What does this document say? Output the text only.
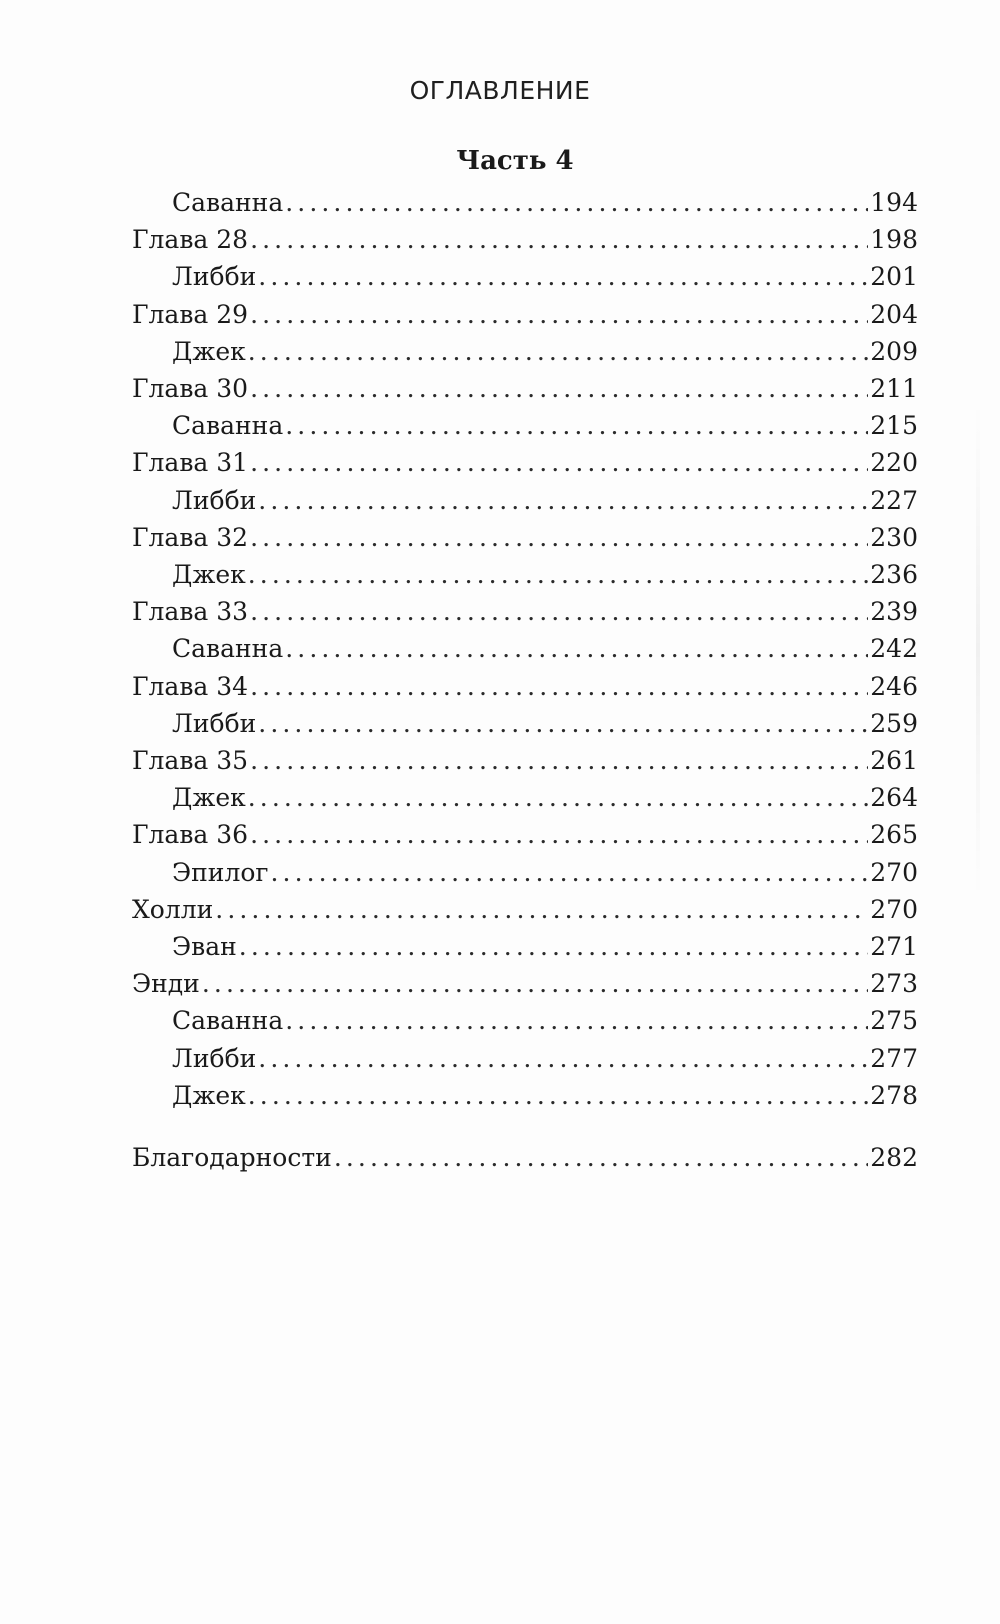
ОГЛАВЛЕНИЕ
Часть 4
Саванна .....	194
Глава 28 .....	198
Либби .....	201
Глава 29 .....	204
Джек .....	209
Глава 30 .....	211
Саванна .....	215
Глава 31 .....	220
Либби .....	227
Глава 32 .....	230
Джек .....	236
Глава 33 .....	239
Саванна .....	242
Глава 34 .....	246
Либби .....	259
Глава 35 .....	261
Джек .....	264
Глава 36 .....	265
Эпилог .....	270
Холли .....	270
Эван .....	271
Энди .....	273
Саванна .....	275
Либби .....	277
Джек .....	278
Благодарности .....	282
